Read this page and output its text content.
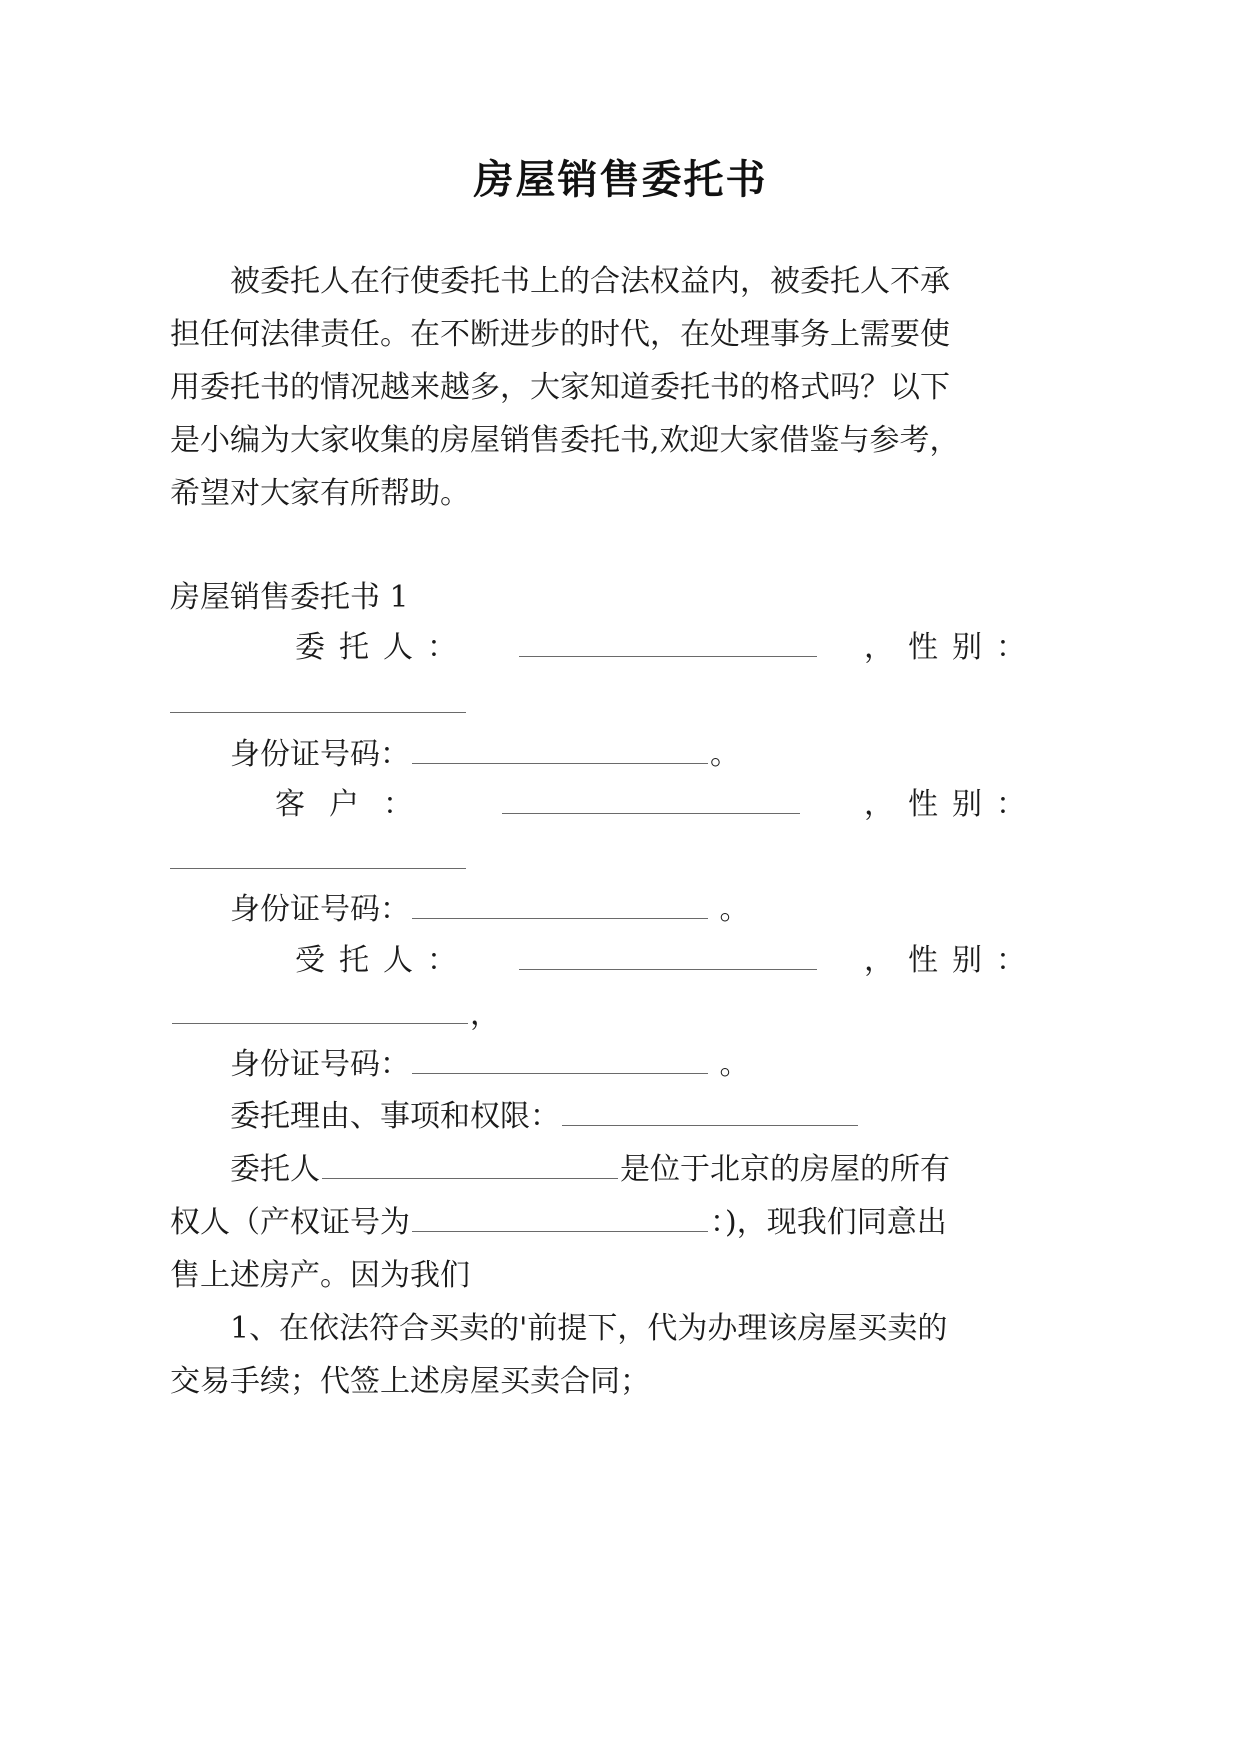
房屋销售委托书
被委托人在行使委托书上的合法权益内，被委托人不承
担任何法律责任。在不断进步的时代，在处理事务上需要使
用委托书的情况越来越多，大家知道委托书的格式吗？以下
是小编为大家收集的房屋销售委托书,欢迎大家借鉴与参考，
希望对大家有所帮助。
房屋销售委托书 1
委托人：	，性别：
身份证号码：	。
客户：	，性别：
身份证号码：	。
受托人：	，性别：
，
身份证号码：	。
委托理由、事项和权限：
委托人	是位于北京的房屋的所有
权人（产权证号为	：)，现我们同意出
售上述房产。因为我们
1、在依法符合买卖的'前提下，代为办理该房屋买卖的
交易手续；代签上述房屋买卖合同；
